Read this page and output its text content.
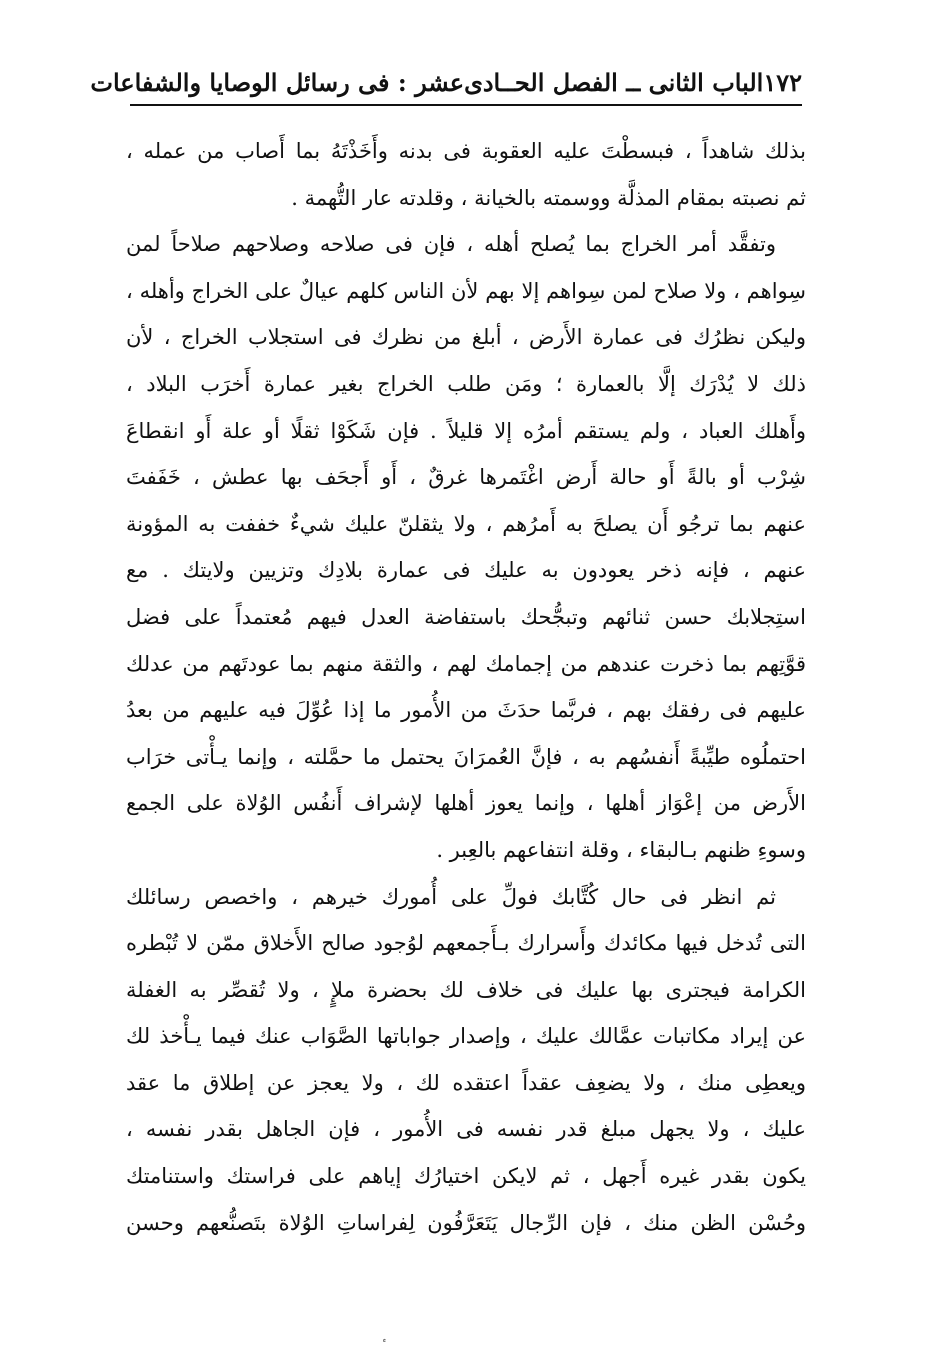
١٧٢
الباب الثانى ــ الفصل الحــادى‌عشر : فى رسائل الوصايا والشفاعات
بذلك شاهداً ، فبسطْتَ عليه العقوبة فى بدنه وأَخَذْتَهُ بما أَصاب من عمله ،
ثم نصبته بمقام المذلَّة ووسمته بالخيانة ، وقلدته عار التُّهمة .
وتفقَّد أمر الخراج بما يُصلح أهله ، فإن فى صلاحه وصلاحهم صلاحاً لمن
سِواهم ، ولا صلاح لمن سِواهم إلا بهم لأن الناس كلهم عيالٌ على الخراج وأهله ،
وليكن نظرُك فى عمارة الأَرض ، أبلغ من نظرك فى استجلاب الخراج ، لأن
ذلك لا يُدْرَك إلَّا بالعمارة ؛ ومَن طلب الخراج بغير عمارة أَخرَب البلاد ،
وأَهلك العباد ، ولم يستقم أمرُه إلا قليلاً . فإن شَكَوْا ثقلًا أو علة أَو انقطاعَ
شِرْب أو بالةً أَو حالة أَرض اغْتَمرها غرقٌ ، أَو أَجحَف بها عطش ، خَفَفتَ
عنهم بما ترجُو أَن يصلحَ به أَمرُهم ، ولا يثقلنّ عليك شيءٌ خففت به المؤونة
عنهم ، فإنه ذخر يعودون به عليك فى عمارة بلادِك وتزيين ولايتك . مع
استِجلابك حسن ثنائهم وتبجُّحك باستفاضة العدل فيهم مُعتمداً على فضل
قوَّتِهم بما ذخرت عندهم من إجمامك لهم ، والثقة منهم بما عودتَهم من عدلك
عليهم فى رفقك بهم ، فربَّما حدَثَ من الأُمور ما إذا عُوِّلَ فيه عليهم من بعدُ
احتملُوه طيِّبةً أَنفسُهم به ، فإنَّ العُمرَانَ يحتمل ما حمَّلته ، وإنما يـأْتى خرَاب
الأَرض من إعْوَاز أهلها ، وإنما يعوز أهلها لإشراف أَنفُس الوُلاة على الجمع
وسوءِ ظنهم بـالبقاء ، وقلة انتفاعهم بالعِبر .
ثم انظر فى حال كُتَّابك فولِّ على أُمورك خيرهم ، واخصص رسائلك
التى تُدخل فيها مكائدك وأَسرارك بـأَجمعهم لوُجود صالح الأَخلاق ممّن لا تُبْطره
الكرامة فيجترى بها عليك فى خلاف لك بحضرة ملإٍ ، ولا تُقصِّر به الغفلة
عن إيراد مكاتبات عمَّالك عليك ، وإصدار جواباتها الصَّوَاب عنك فيما يـأْخذ لك
ويعطِى منك ، ولا يضعِف عقداً اعتقده لك ، ولا يعجز عن إطلاق ما عقد
عليك ، ولا يجهل مبلغ قدر نفسه فى الأُمور ، فإن الجاهل بقدر نفسه ،
يكون بقدر غيره أَجهل ، ثم لايكن اختيارُك إياهم على فراستك واستنامتك
وحُسْن الظن منك ، فإن الرِّجال يَتَعَرَّفُون لِفراساتِ الوُلاة بتَصنُّعهم وحسن
